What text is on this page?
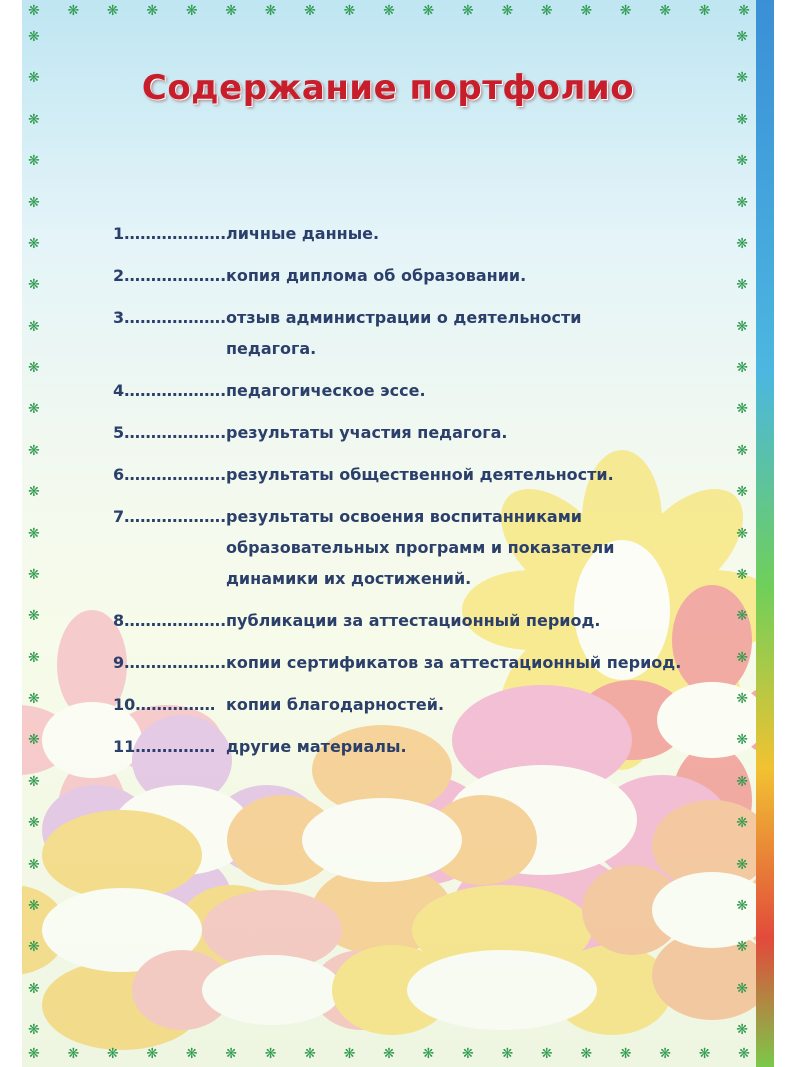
❋ ❋ ❋ ❋ ❋ ❋ ❋ ❋ ❋ ❋ ❋ ❋ ❋ ❋ ❋ ❋ ❋ ❋ ❋
❋ ❋ ❋ ❋ ❋ ❋ ❋ ❋ ❋ ❋ ❋ ❋ ❋ ❋ ❋ ❋ ❋ ❋ ❋
❋
❋
❋
❋
❋
❋
❋
❋
❋
❋
❋
❋
❋
❋
❋
❋
❋
❋
❋
❋
❋
❋
❋
❋
❋
❋
❋
❋
❋
❋
❋
❋
❋
❋
❋
❋
❋
❋
❋
❋
❋
❋
❋
❋
❋
❋
❋
❋
❋
❋
Содержание портфолио
1………………. личные данные.
2………………. копия диплома об образовании.
3………………. отзыв администрации о деятельности
педагога.
4………………. педагогическое эссе.
5………………. результаты участия педагога.
6………………. результаты общественной деятельности.
7………………. результаты освоения воспитанниками
образовательных программ и показатели
динамики их достижений.
8………………. публикации за аттестационный период.
9………………. копии сертификатов за аттестационный период.
10…………… копии благодарностей.
11…………… другие материалы.
